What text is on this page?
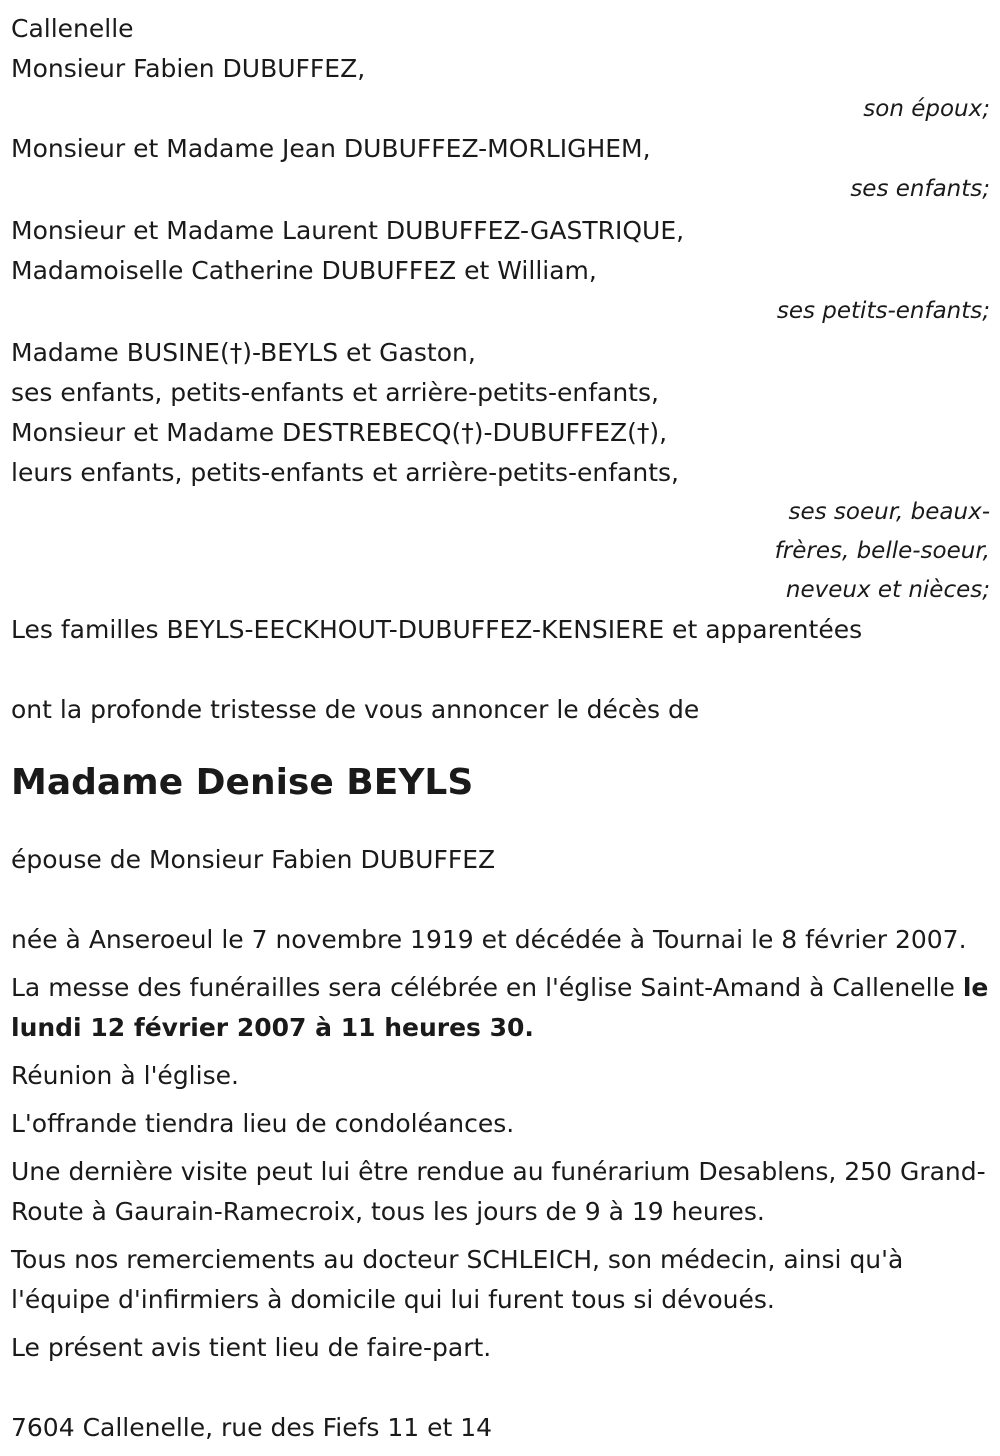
Callenelle
Monsieur Fabien DUBUFFEZ,
son époux;
Monsieur et Madame Jean DUBUFFEZ-MORLIGHEM,
ses enfants;
Monsieur et Madame Laurent DUBUFFEZ-GASTRIQUE,
Madamoiselle Catherine DUBUFFEZ et William,
ses petits-enfants;
Madame BUSINE(†)-BEYLS et Gaston,
ses enfants, petits-enfants et arrière-petits-enfants,
Monsieur et Madame DESTREBECQ(†)-DUBUFFEZ(†),
leurs enfants, petits-enfants et arrière-petits-enfants,
ses soeur, beaux-
frères, belle-soeur,
neveux et nièces;
Les familles BEYLS-EECKHOUT-DUBUFFEZ-KENSIERE et apparentées
ont la profonde tristesse de vous annoncer le décès de
Madame Denise BEYLS
épouse de Monsieur Fabien DUBUFFEZ
née à Anseroeul le 7 novembre 1919 et décédée à Tournai le 8 février 2007.
La messe des funérailles sera célébrée en l'église Saint-Amand à Callenelle le lundi 12 février 2007 à 11 heures 30.
Réunion à l'église.
L'offrande tiendra lieu de condoléances.
Une dernière visite peut lui être rendue au funérarium Desablens, 250 Grand-Route à Gaurain-Ramecroix, tous les jours de 9 à 19 heures.
Tous nos remerciements au docteur SCHLEICH, son médecin, ainsi qu'à l'équipe d'infirmiers à domicile qui lui furent tous si dévoués.
Le présent avis tient lieu de faire-part.
7604 Callenelle, rue des Fiefs 11 et 14
